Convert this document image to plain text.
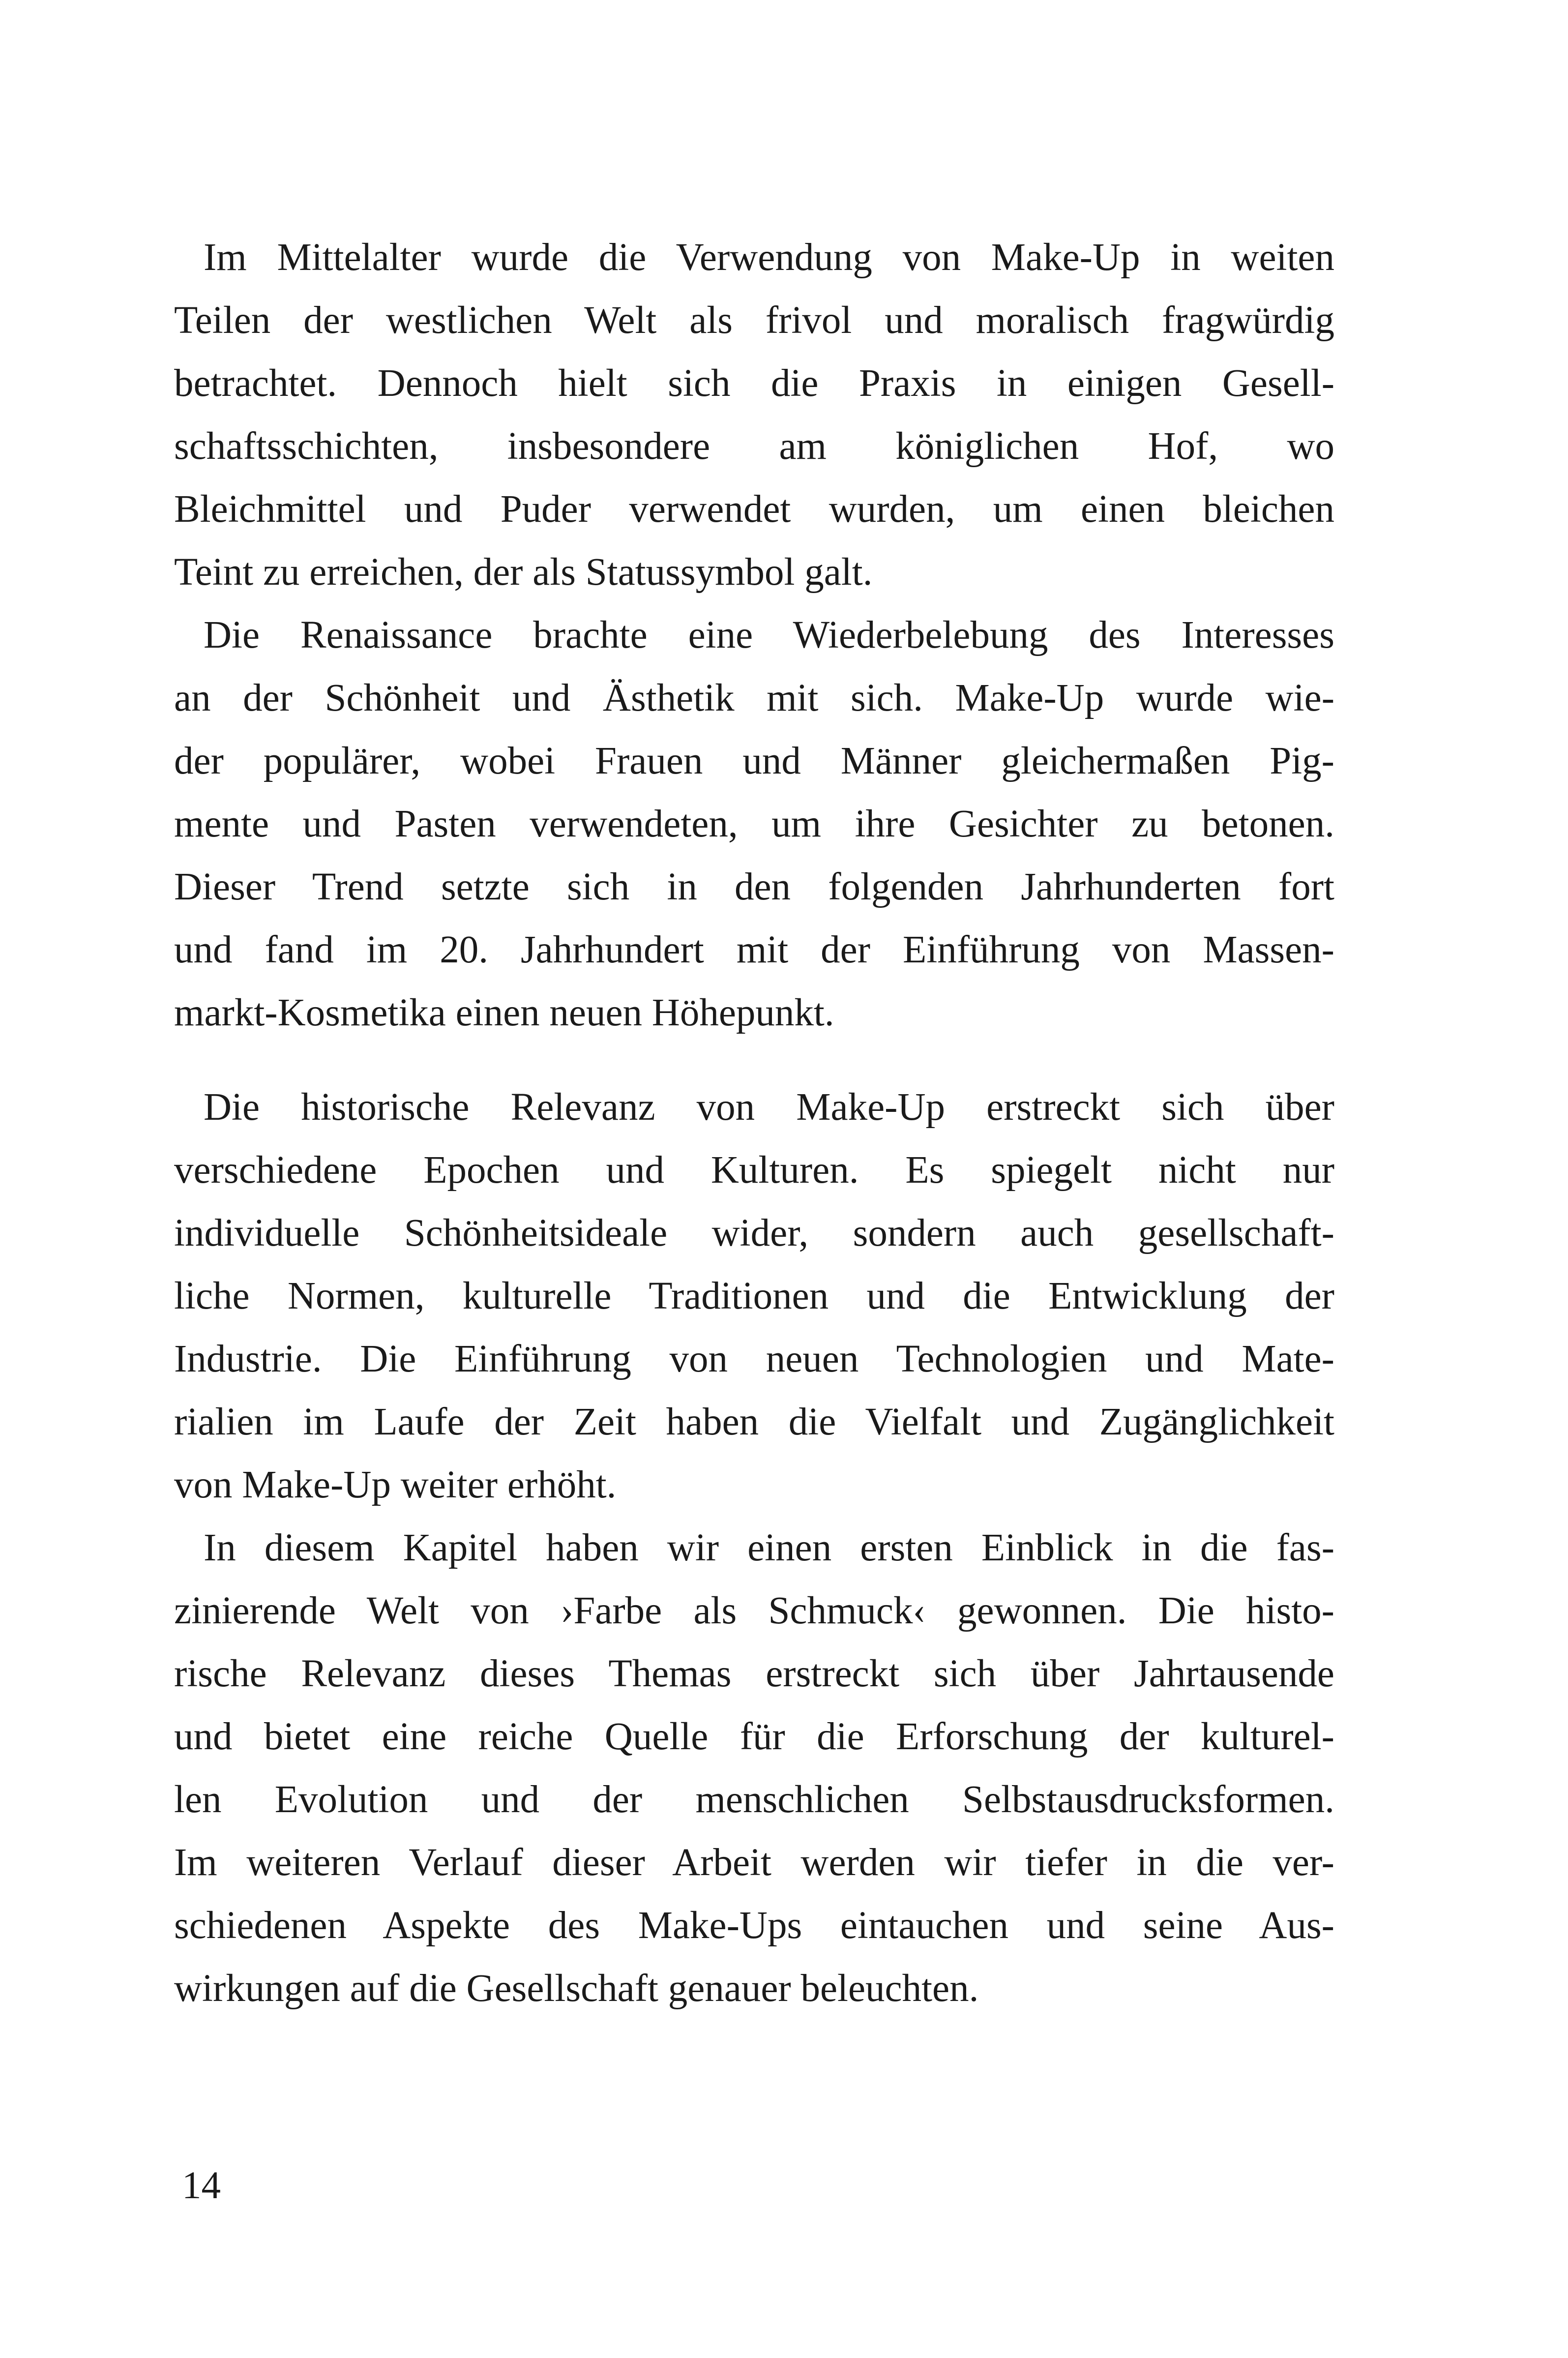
Im Mittelalter wurde die Verwendung von Make-Up in weiten
Teilen der westlichen Welt als frivol und moralisch fragwürdig
betrachtet. Dennoch hielt sich die Praxis in einigen Gesell-
schaftsschichten, insbesondere am königlichen Hof, wo
Bleichmittel und Puder verwendet wurden, um einen bleichen
Teint zu erreichen, der als Statussymbol galt.
Die Renaissance brachte eine Wiederbelebung des Interesses
an der Schönheit und Ästhetik mit sich. Make-Up wurde wie-
der populärer, wobei Frauen und Männer gleichermaßen Pig-
mente und Pasten verwendeten, um ihre Gesichter zu betonen.
Dieser Trend setzte sich in den folgenden Jahrhunderten fort
und fand im 20. Jahrhundert mit der Einführung von Massen-
markt-Kosmetika einen neuen Höhepunkt.
Die historische Relevanz von Make-Up erstreckt sich über
verschiedene Epochen und Kulturen. Es spiegelt nicht nur
individuelle Schönheitsideale wider, sondern auch gesellschaft-
liche Normen, kulturelle Traditionen und die Entwicklung der
Industrie. Die Einführung von neuen Technologien und Mate-
rialien im Laufe der Zeit haben die Vielfalt und Zugänglichkeit
von Make-Up weiter erhöht.
In diesem Kapitel haben wir einen ersten Einblick in die fas-
zinierende Welt von ›Farbe als Schmuck‹ gewonnen. Die histo-
rische Relevanz dieses Themas erstreckt sich über Jahrtausende
und bietet eine reiche Quelle für die Erforschung der kulturel-
len Evolution und der menschlichen Selbstausdrucksformen.
Im weiteren Verlauf dieser Arbeit werden wir tiefer in die ver-
schiedenen Aspekte des Make-Ups eintauchen und seine Aus-
wirkungen auf die Gesellschaft genauer beleuchten.
14
